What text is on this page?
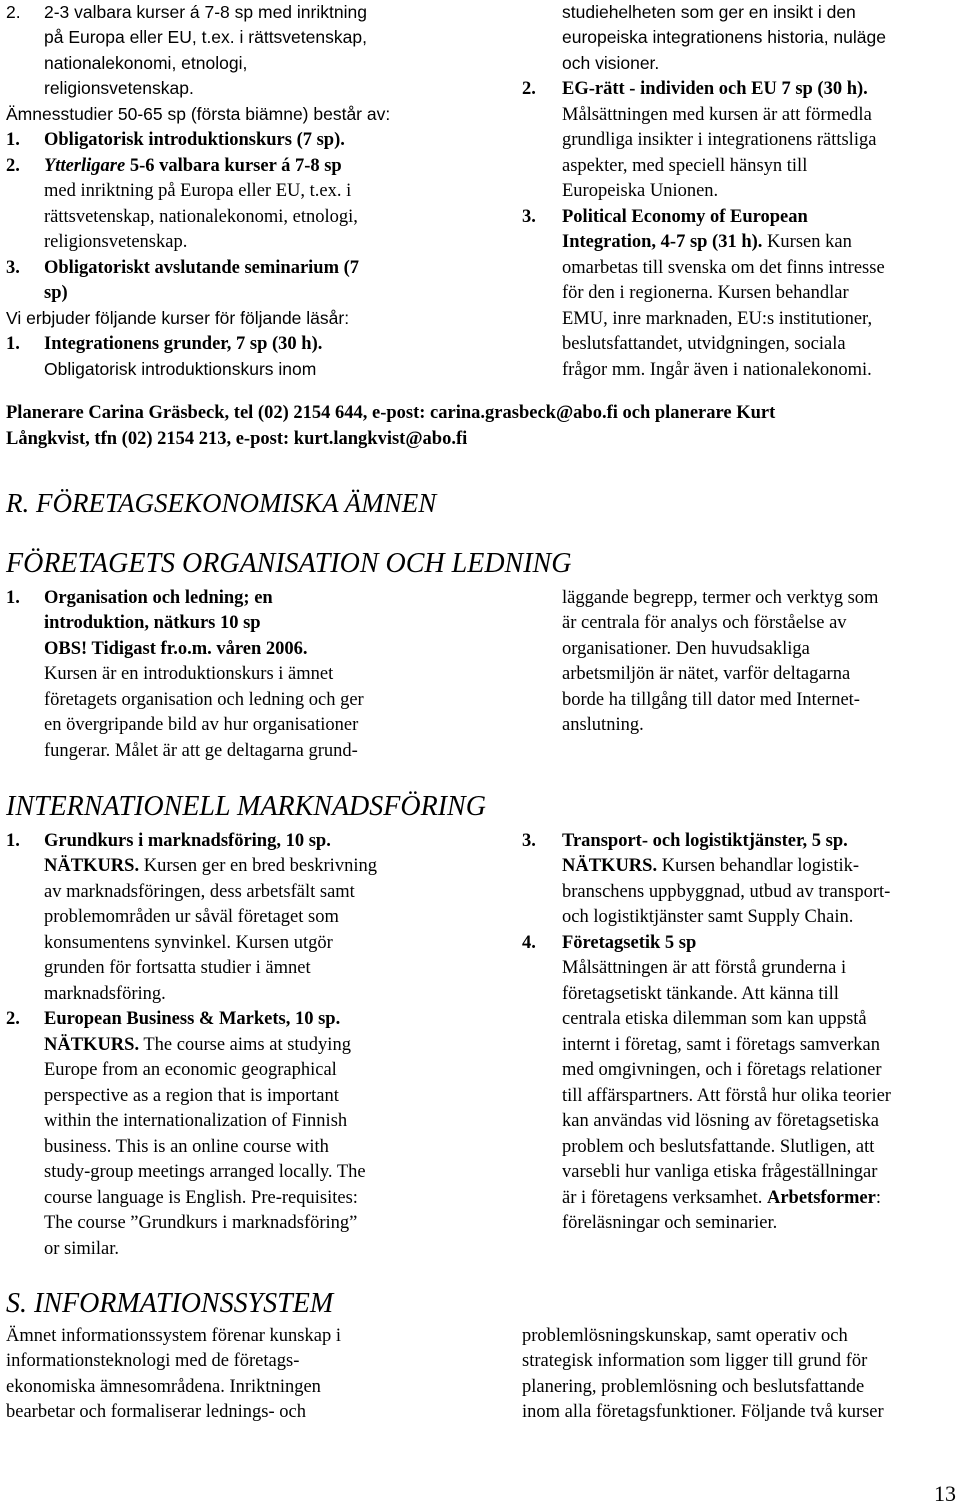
2. 2-3 valbara kurser á 7-8 sp med inriktning
på Europa eller EU, t.ex. i rättsvetenskap,
nationalekonomi, etnologi,
religionsvetenskap.
Ämnesstudier 50-65 sp (första biämne) består av:
1. Obligatorisk introduktionskurs (7 sp).
2. Ytterligare 5-6 valbara kurser á 7-8 sp
med inriktning på Europa eller EU, t.ex. i
rättsvetenskap, nationalekonomi, etnologi,
religionsvetenskap.
3. Obligatoriskt avslutande seminarium (7
sp)
Vi erbjuder följande kurser för följande läsår:
1. Integrationens grunder, 7 sp (30 h).
Obligatorisk introduktionskurs inom
studiehelheten som ger en insikt i den
europeiska integrationens historia, nuläge
och visioner.
2. EG-rätt - individen och EU 7 sp (30 h).
Målsättningen med kursen är att förmedla
grundliga insikter i integrationens rättsliga
aspekter, med speciell hänsyn till
Europeiska Unionen.
3. Political Economy of European
Integration, 4-7 sp (31 h). Kursen kan
omarbetas till svenska om det finns intresse
för den i regionerna. Kursen behandlar
EMU, inre marknaden, EU:s institutioner,
beslutsfattandet, utvidgningen, sociala
frågor mm. Ingår även i nationalekonomi.
Planerare Carina Gräsbeck, tel (02) 2154 644, e-post: carina.grasbeck@abo.fi och planerare Kurt
Långkvist, tfn (02) 2154 213, e-post: kurt.langkvist@abo.fi
R. FÖRETAGSEKONOMISKA ÄMNEN
FÖRETAGETS ORGANISATION OCH LEDNING
1. Organisation och ledning; en
introduktion, nätkurs 10 sp
OBS! Tidigast fr.o.m. våren 2006.
Kursen är en introduktionskurs i ämnet
företagets organisation och ledning och ger
en övergripande bild av hur organisationer
fungerar. Målet är att ge deltagarna grund-
läggande begrepp, termer och verktyg som
är centrala för analys och förståelse av
organisationer. Den huvudsakliga
arbetsmiljön är nätet, varför deltagarna
borde ha tillgång till dator med Internet-
anslutning.
INTERNATIONELL MARKNADSFÖRING
1. Grundkurs i marknadsföring, 10 sp.
NÄTKURS. Kursen ger en bred beskrivning
av marknadsföringen, dess arbetsfält samt
problemområden ur såväl företaget som
konsumentens synvinkel. Kursen utgör
grunden för fortsatta studier i ämnet
marknadsföring.
2. European Business & Markets, 10 sp.
NÄTKURS. The course aims at studying
Europe from an economic geographical
perspective as a region that is important
within the internationalization of Finnish
business. This is an online course with
study-group meetings arranged locally. The
course language is English. Pre-requisites:
The course ”Grundkurs i marknadsföring”
or similar.
3. Transport- och logistiktjänster, 5 sp.
NÄTKURS. Kursen behandlar logistik-
branschens uppbyggnad, utbud av transport-
och logistiktjänster samt Supply Chain.
4. Företagsetik 5 sp
Målsättningen är att förstå grunderna i
företagsetiskt tänkande. Att känna till
centrala etiska dilemman som kan uppstå
internt i företag, samt i företags samverkan
med omgivningen, och i företags relationer
till affärspartners. Att förstå hur olika teorier
kan användas vid lösning av företagsetiska
problem och beslutsfattande. Slutligen, att
varsebli hur vanliga etiska frågeställningar
är i företagens verksamhet. Arbetsformer:
föreläsningar och seminarier.
S. INFORMATIONSSYSTEM
Ämnet informationssystem förenar kunskap i
informationsteknologi med de företags-
ekonomiska ämnesområdena. Inriktningen
bearbetar och formaliserar lednings- och
problemlösningskunskap, samt operativ och
strategisk information som ligger till grund för
planering, problemlösning och beslutsfattande
inom alla företagsfunktioner. Följande två kurser
13
